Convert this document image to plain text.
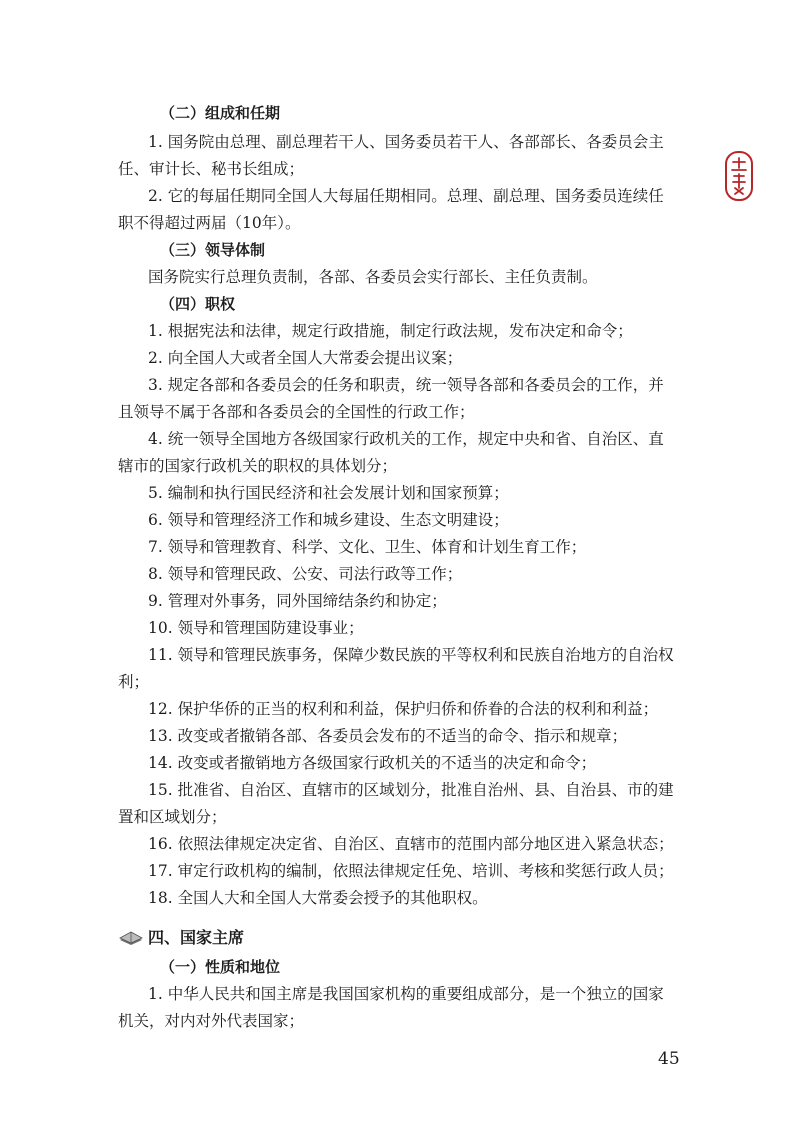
（二）组成和任期
1. 国务院由总理、副总理若干人、国务委员若干人、各部部长、各委员会主
任、审计长、秘书长组成；
2. 它的每届任期同全国人大每届任期相同。总理、副总理、国务委员连续任
职不得超过两届（10年）。
（三）领导体制
国务院实行总理负责制，各部、各委员会实行部长、主任负责制。
（四）职权
1. 根据宪法和法律，规定行政措施，制定行政法规，发布决定和命令；
2. 向全国人大或者全国人大常委会提出议案；
3. 规定各部和各委员会的任务和职责，统一领导各部和各委员会的工作，并
且领导不属于各部和各委员会的全国性的行政工作；
4. 统一领导全国地方各级国家行政机关的工作，规定中央和省、自治区、直
辖市的国家行政机关的职权的具体划分；
5. 编制和执行国民经济和社会发展计划和国家预算；
6. 领导和管理经济工作和城乡建设、生态文明建设；
7. 领导和管理教育、科学、文化、卫生、体育和计划生育工作；
8. 领导和管理民政、公安、司法行政等工作；
9. 管理对外事务，同外国缔结条约和协定；
10. 领导和管理国防建设事业；
11. 领导和管理民族事务，保障少数民族的平等权利和民族自治地方的自治权
利；
12. 保护华侨的正当的权利和利益，保护归侨和侨眷的合法的权利和利益；
13. 改变或者撤销各部、各委员会发布的不适当的命令、指示和规章；
14. 改变或者撤销地方各级国家行政机关的不适当的决定和命令；
15. 批准省、自治区、直辖市的区域划分，批准自治州、县、自治县、市的建
置和区域划分；
16. 依照法律规定决定省、自治区、直辖市的范围内部分地区进入紧急状态；
17. 审定行政机构的编制，依照法律规定任免、培训、考核和奖惩行政人员；
18. 全国人大和全国人大常委会授予的其他职权。
四、国家主席
（一）性质和地位
1. 中华人民共和国主席是我国国家机构的重要组成部分，是一个独立的国家
机关，对内对外代表国家；
45
